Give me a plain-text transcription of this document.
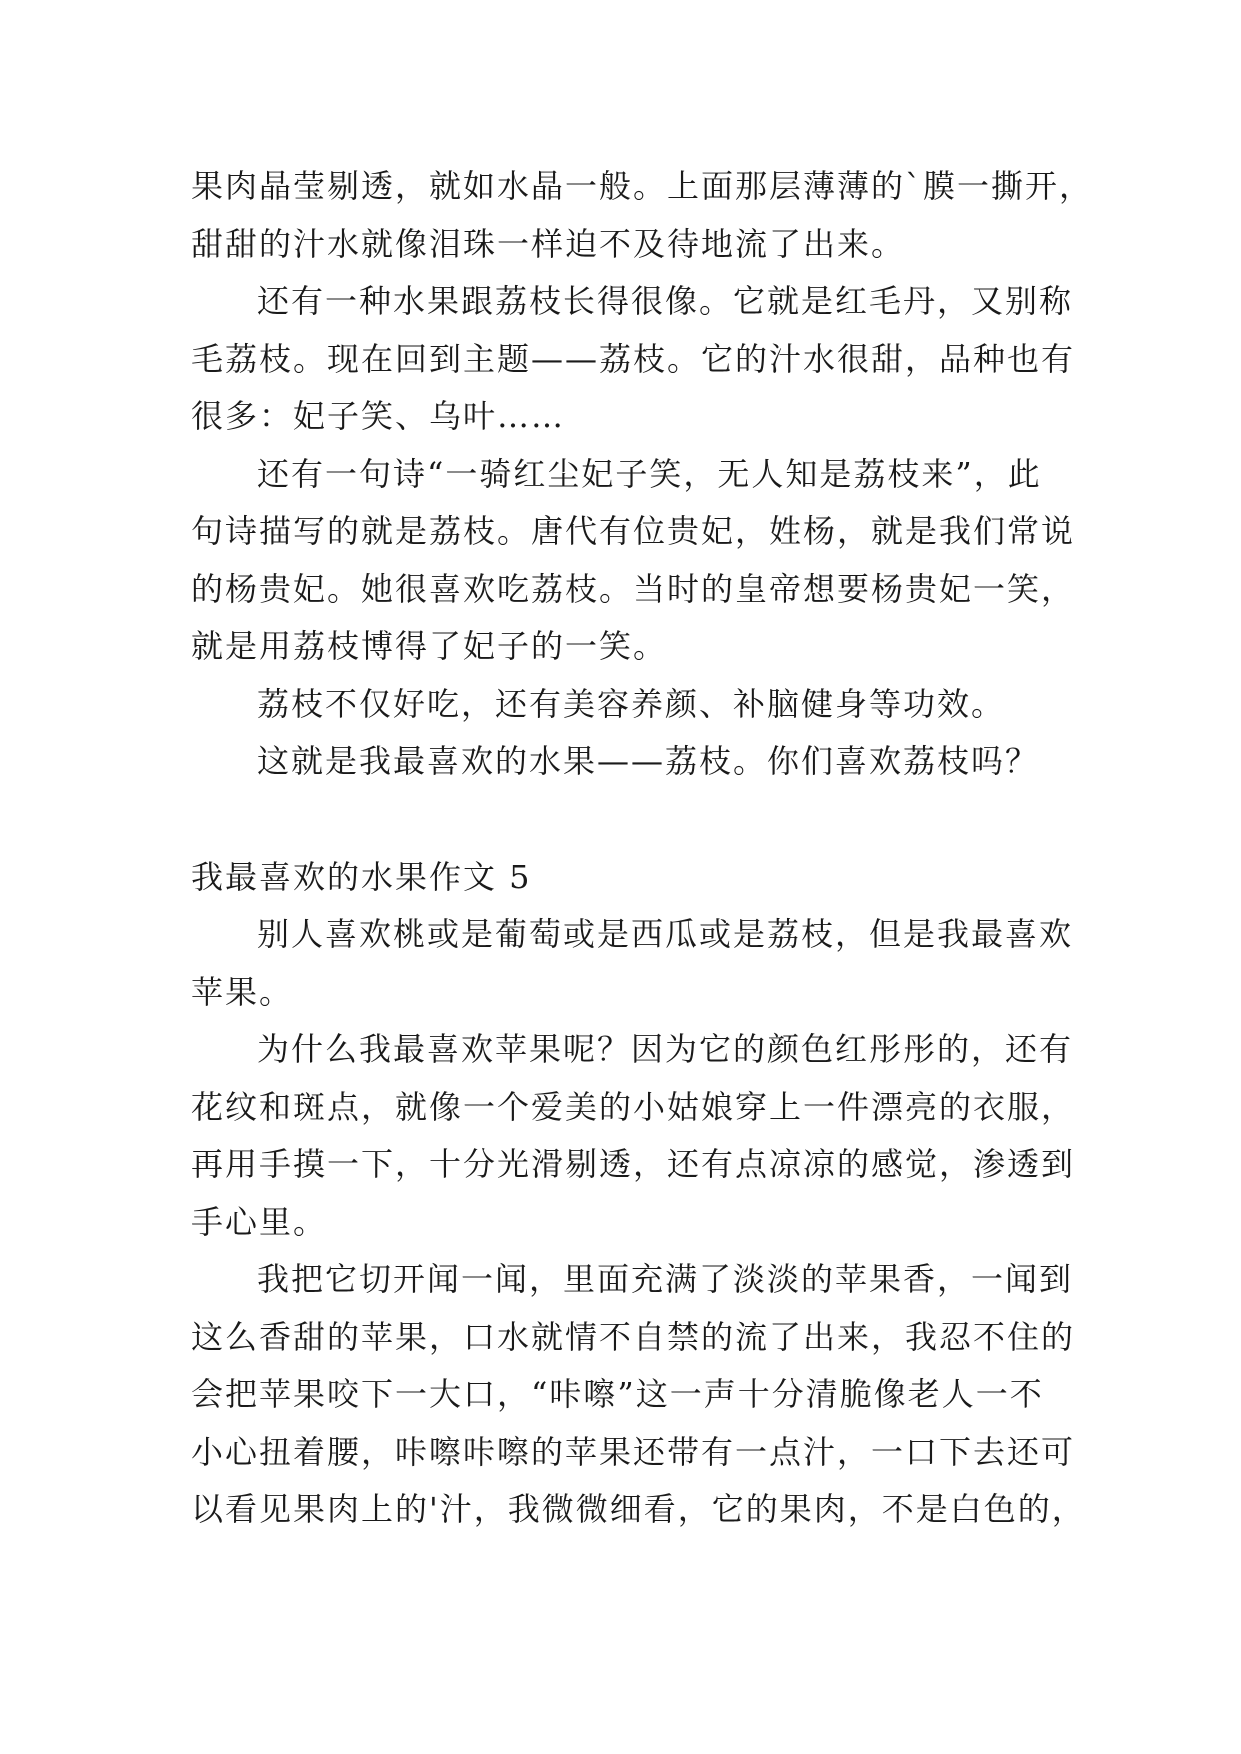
果肉晶莹剔透，就如水晶一般。上面那层薄薄的`膜一撕开，
甜甜的汁水就像泪珠一样迫不及待地流了出来。
还有一种水果跟荔枝长得很像。它就是红毛丹，又别称
毛荔枝。现在回到主题——荔枝。它的汁水很甜，品种也有
很多：妃子笑、乌叶……
还有一句诗“一骑红尘妃子笑，无人知是荔枝来”，此
句诗描写的就是荔枝。唐代有位贵妃，姓杨，就是我们常说
的杨贵妃。她很喜欢吃荔枝。当时的皇帝想要杨贵妃一笑，
就是用荔枝博得了妃子的一笑。
荔枝不仅好吃，还有美容养颜、补脑健身等功效。
这就是我最喜欢的水果——荔枝。你们喜欢荔枝吗？
我最喜欢的水果作文 5
别人喜欢桃或是葡萄或是西瓜或是荔枝，但是我最喜欢
苹果。
为什么我最喜欢苹果呢？因为它的颜色红彤彤的，还有
花纹和斑点，就像一个爱美的小姑娘穿上一件漂亮的衣服，
再用手摸一下，十分光滑剔透，还有点凉凉的感觉，渗透到
手心里。
我把它切开闻一闻，里面充满了淡淡的苹果香，一闻到
这么香甜的苹果，口水就情不自禁的流了出来，我忍不住的
会把苹果咬下一大口，“咔嚓”这一声十分清脆像老人一不
小心扭着腰，咔嚓咔嚓的苹果还带有一点汁，一口下去还可
以看见果肉上的'汁，我微微细看，它的果肉，不是白色的，
